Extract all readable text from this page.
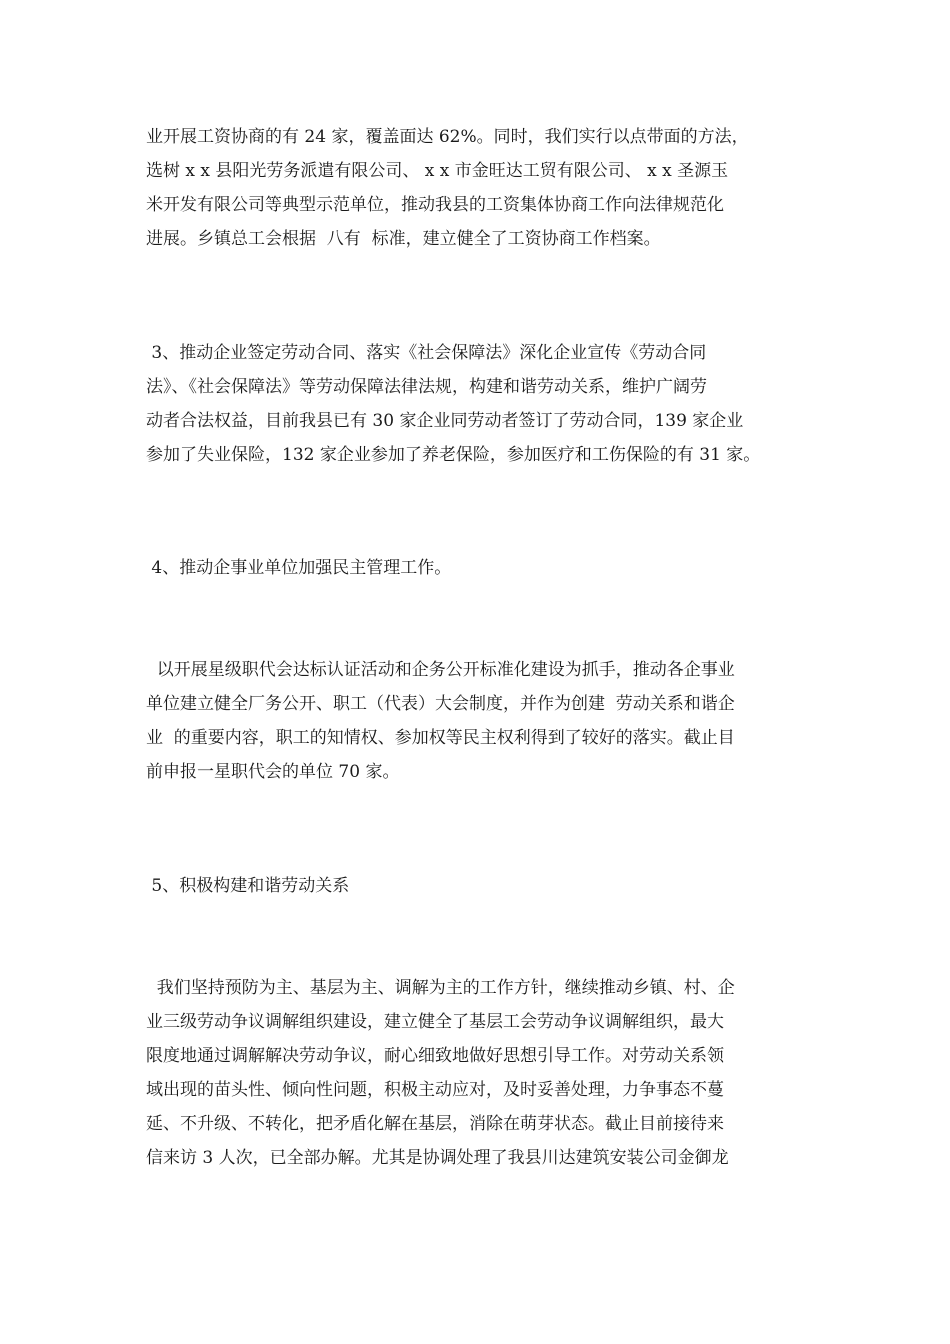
业开展工资协商的有 24 家，覆盖面达 62%。同时，我们实行以点带面的方法，
选树 x x 县阳光劳务派遣有限公司、 x x 市金旺达工贸有限公司、 x x 圣源玉
米开发有限公司等典型示范单位，推动我县的工资集体协商工作向法律规范化
进展。乡镇总工会根据  八有  标准，建立健全了工资协商工作档案。

3、推动企业签定劳动合同、落实《社会保障法》深化企业宣传《劳动合同
法》、《社会保障法》等劳动保障法律法规，构建和谐劳动关系，维护广阔劳
动者合法权益，目前我县已有 30 家企业同劳动者签订了劳动合同，139 家企业
参加了失业保险，132 家企业参加了养老保险，参加医疗和工伤保险的有 31 家。

4、推动企事业单位加强民主管理工作。

以开展星级职代会达标认证活动和企务公开标准化建设为抓手，推动各企事业
单位建立健全厂务公开、职工（代表）大会制度，并作为创建  劳动关系和谐企
业  的重要内容，职工的知情权、参加权等民主权利得到了较好的落实。截止目
前申报一星职代会的单位 70 家。

5、积极构建和谐劳动关系

我们坚持预防为主、基层为主、调解为主的工作方针，继续推动乡镇、村、企
业三级劳动争议调解组织建设，建立健全了基层工会劳动争议调解组织，最大
限度地通过调解解决劳动争议，耐心细致地做好思想引导工作。对劳动关系领
域出现的苗头性、倾向性问题，积极主动应对，及时妥善处理，力争事态不蔓
延、不升级、不转化，把矛盾化解在基层，消除在萌芽状态。截止目前接待来
信来访 3 人次，已全部办解。尤其是协调处理了我县川达建筑安装公司金御龙
